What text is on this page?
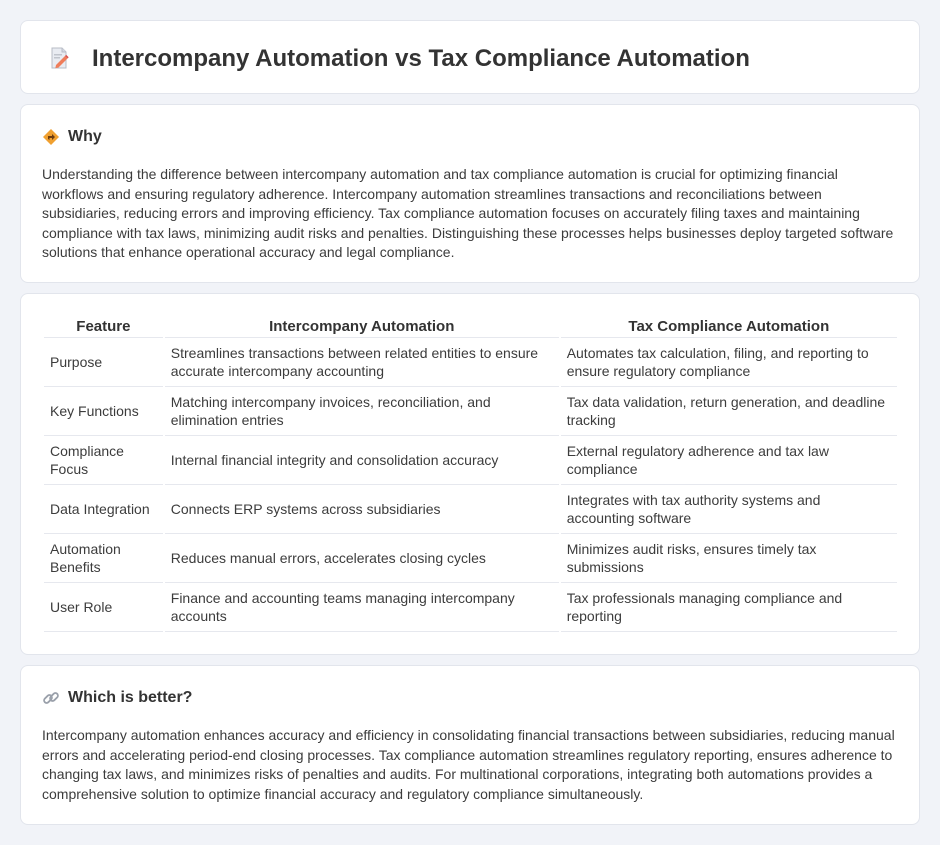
Intercompany Automation vs Tax Compliance Automation
Why

Understanding the difference between intercompany automation and tax compliance automation is crucial for optimizing financial workflows and ensuring regulatory adherence. Intercompany automation streamlines transactions and reconciliations between subsidiaries, reducing errors and improving efficiency. Tax compliance automation focuses on accurately filing taxes and maintaining compliance with tax laws, minimizing audit risks and penalties. Distinguishing these processes helps businesses deploy targeted software solutions that enhance operational accuracy and legal compliance.

Feature	Intercompany Automation	Tax Compliance Automation
Purpose	Streamlines transactions between related entities to ensure accurate intercompany accounting	Automates tax calculation, filing, and reporting to ensure regulatory compliance
Key Functions	Matching intercompany invoices, reconciliation, and elimination entries	Tax data validation, return generation, and deadline tracking
Compliance Focus	Internal financial integrity and consolidation accuracy	External regulatory adherence and tax law compliance
Data Integration	Connects ERP systems across subsidiaries	Integrates with tax authority systems and accounting software
Automation Benefits	Reduces manual errors, accelerates closing cycles	Minimizes audit risks, ensures timely tax submissions
User Role	Finance and accounting teams managing intercompany accounts	Tax professionals managing compliance and reporting
Which is better?

Intercompany automation enhances accuracy and efficiency in consolidating financial transactions between subsidiaries, reducing manual errors and accelerating period-end closing processes. Tax compliance automation streamlines regulatory reporting, ensures adherence to changing tax laws, and minimizes risks of penalties and audits. For multinational corporations, integrating both automations provides a comprehensive solution to optimize financial accuracy and regulatory compliance simultaneously.
